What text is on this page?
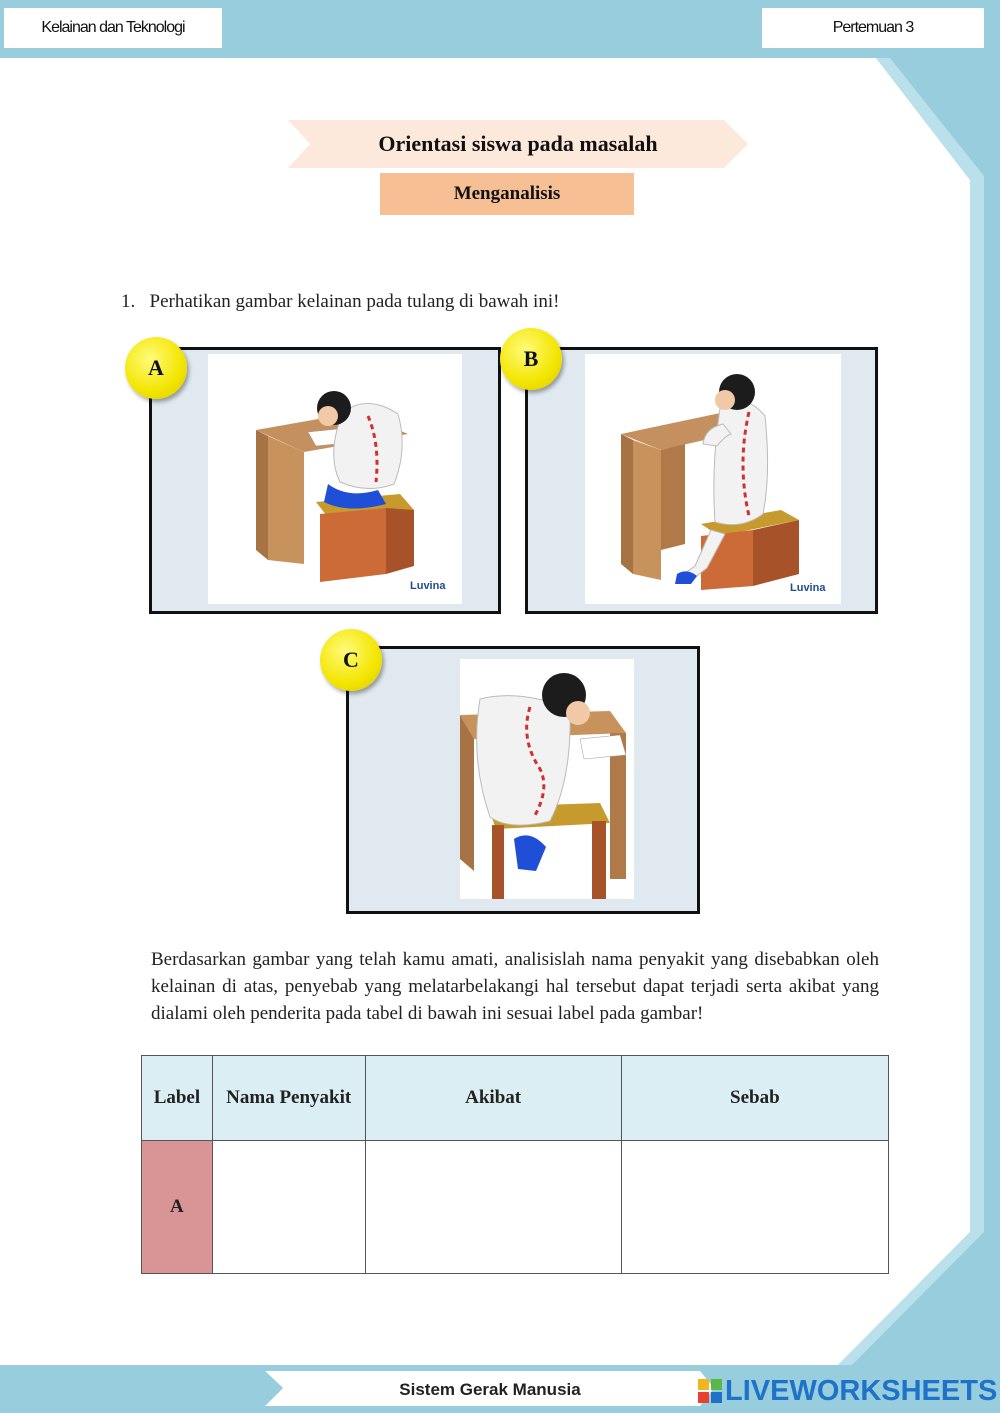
Kelainan dan Teknologi	Pertemuan 3
Orientasi siswa pada masalah
Menganalisis
1.   Perhatikan gambar kelainan pada tulang di bawah ini!
Luvina
A
Luvina
B
C
Berdasarkan gambar yang telah kamu amati, analisislah nama penyakit yang disebabkan oleh kelainan di atas, penyebab yang melatarbelakangi hal tersebut dapat terjadi serta akibat yang dialami oleh penderita pada tabel di bawah ini sesuai label pada gambar!
Label	Nama Penyakit	Akibat	Sebab
A			
Sistem Gerak Manusia	LIVEWORKSHEETS
